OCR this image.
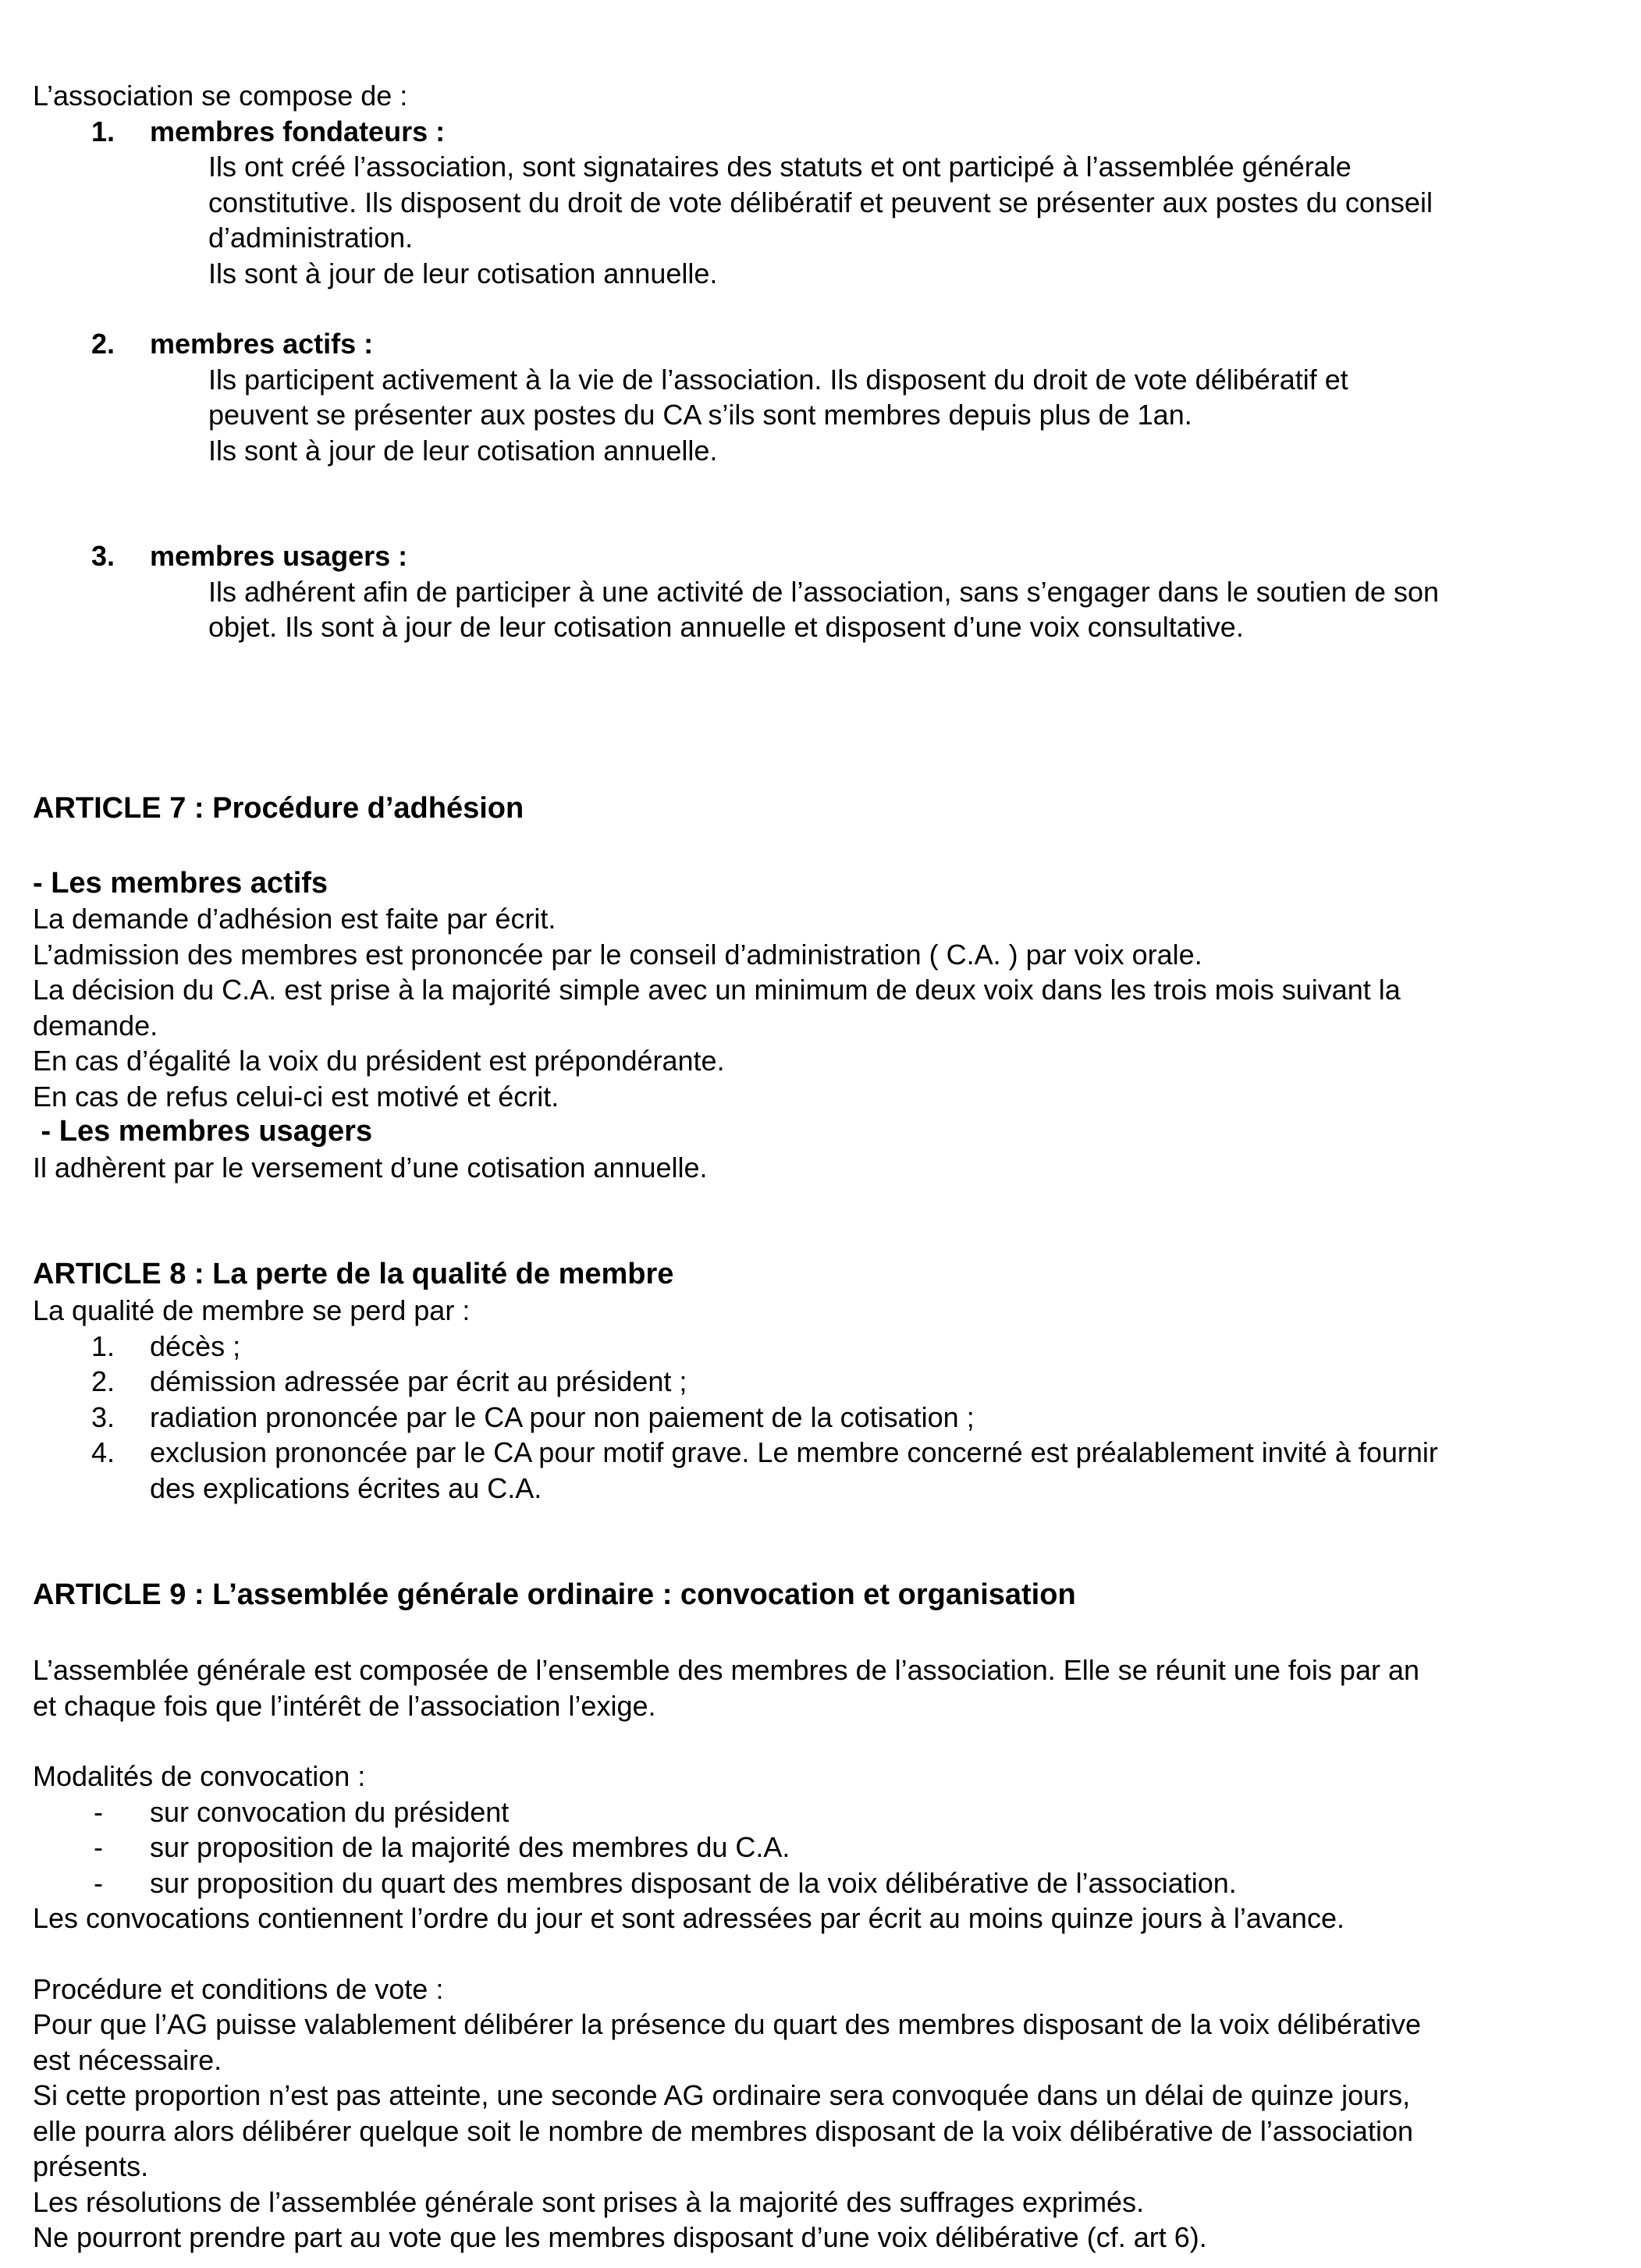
L’association se compose de :
1. membres fondateurs :
Ils ont créé l’association, sont signataires des statuts et ont participé à l’assemblée générale
constitutive. Ils disposent du droit de vote délibératif et peuvent se présenter aux postes du conseil
d’administration.
Ils sont à jour de leur cotisation annuelle.
2. membres actifs :
Ils participent activement à la vie de l’association. Ils disposent du droit de vote délibératif et
peuvent se présenter aux postes du CA s’ils sont membres depuis plus de 1an.
Ils sont à jour de leur cotisation annuelle.
3. membres usagers :
Ils adhérent afin de participer à une activité de l’association, sans s’engager dans le soutien de son
objet. Ils sont à jour de leur cotisation annuelle et disposent d’une voix consultative.
ARTICLE 7 : Procédure d’adhésion
- Les membres actifs
La demande d’adhésion est faite par écrit.
L’admission des membres est prononcée par le conseil d’administration ( C.A. ) par voix orale.
La décision du C.A. est prise à la majorité simple avec un minimum de deux voix dans les trois mois suivant la
demande.
En cas d’égalité la voix du président est prépondérante.
En cas de refus celui-ci est motivé et écrit.
- Les membres usagers
Il adhèrent par le versement d’une cotisation annuelle.
ARTICLE 8 : La perte de la qualité de membre
La qualité de membre se perd par :
1. décès ;
2. démission adressée par écrit au président ;
3. radiation prononcée par le CA pour non paiement de la cotisation ;
4. exclusion prononcée par le CA pour motif grave. Le membre concerné est préalablement invité à fournir
des explications écrites au C.A.
ARTICLE 9 : L’assemblée générale ordinaire : convocation et organisation
L’assemblée générale est composée de l’ensemble des membres de l’association. Elle se réunit une fois par an
et chaque fois que l’intérêt de l’association l’exige.
Modalités de convocation :
- sur convocation du président
- sur proposition de la majorité des membres du C.A.
- sur proposition du quart des membres disposant de la voix délibérative de l’association.
Les convocations contiennent l’ordre du jour et sont adressées par écrit au moins quinze jours à l’avance.
Procédure et conditions de vote :
Pour que l’AG puisse valablement délibérer la présence du quart des membres disposant de la voix délibérative
est nécessaire.
Si cette proportion n’est pas atteinte, une seconde AG ordinaire sera convoquée dans un délai de quinze jours,
elle pourra alors délibérer quelque soit le nombre de membres disposant de la voix délibérative de l’association
présents.
Les résolutions de l’assemblée générale sont prises à la majorité des suffrages exprimés.
Ne pourront prendre part au vote que les membres disposant d’une voix délibérative (cf. art 6).
